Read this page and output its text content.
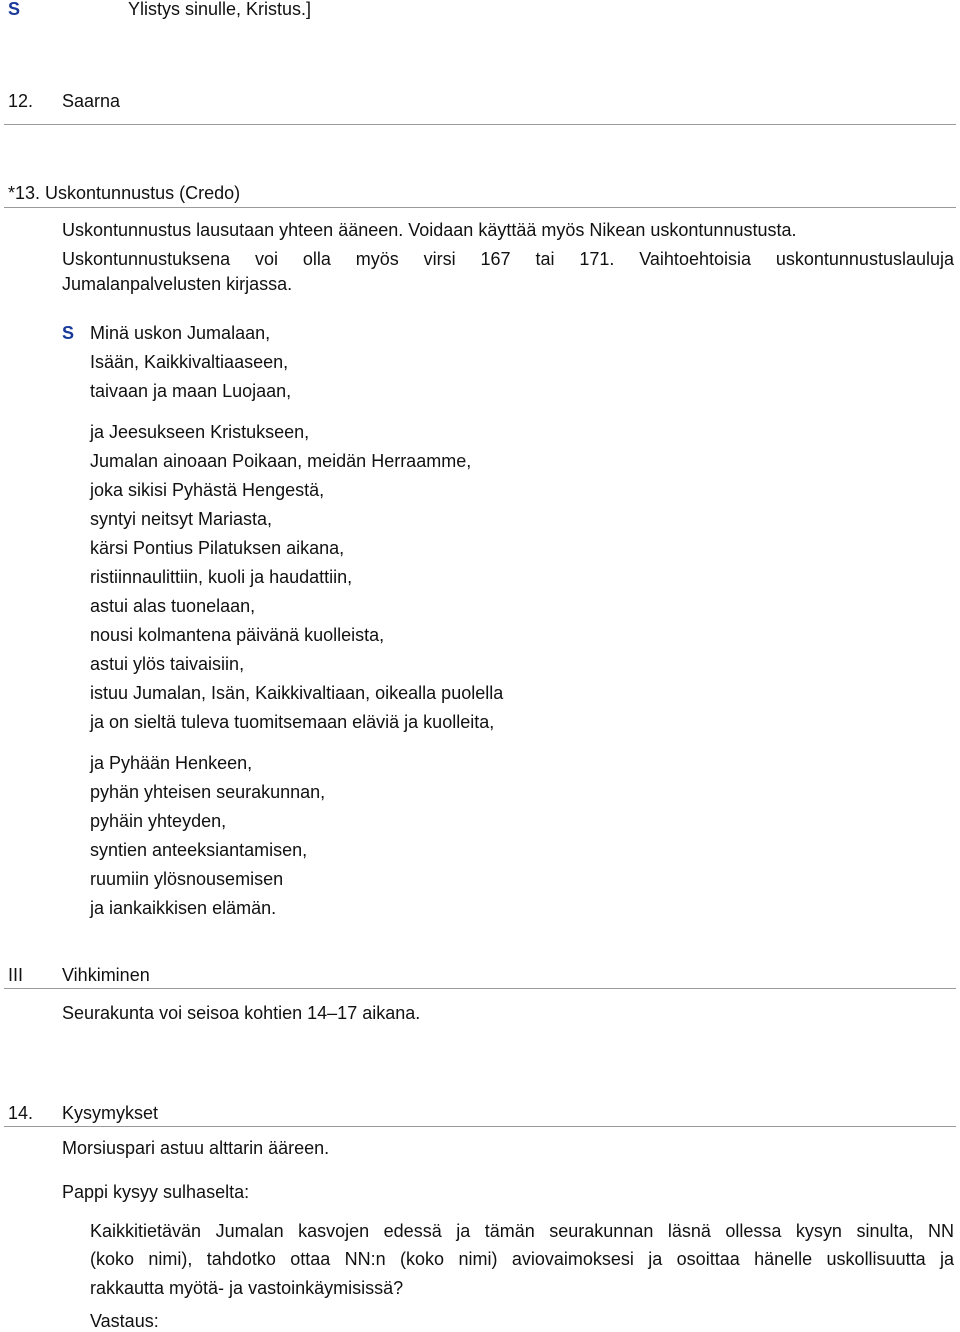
S	Ylistys sinulle, Kristus.]
12. Saarna
*13. Uskontunnustus (Credo)
Uskontunnustus lausutaan yhteen ääneen. Voidaan käyttää myös Nikean uskontunnustusta.
Uskontunnustuksena voi olla myös virsi 167 tai 171. Vaihtoehtoisia uskontunnustuslauluja
Jumalanpalvelusten kirjassa.
S Minä uskon Jumalaan,
Isään, Kaikkivaltiaaseen,
taivaan ja maan Luojaan,
ja Jeesukseen Kristukseen,
Jumalan ainoaan Poikaan, meidän Herraamme,
joka sikisi Pyhästä Hengestä,
syntyi neitsyt Mariasta,
kärsi Pontius Pilatuksen aikana,
ristiinnaulittiin, kuoli ja haudattiin,
astui alas tuonelaan,
nousi kolmantena päivänä kuolleista,
astui ylös taivaisiin,
istuu Jumalan, Isän, Kaikkivaltiaan, oikealla puolella
ja on sieltä tuleva tuomitsemaan eläviä ja kuolleita,
ja Pyhään Henkeen,
pyhän yhteisen seurakunnan,
pyhäin yhteyden,
syntien anteeksiantamisen,
ruumiin ylösnousemisen
ja iankaikkisen elämän.
III Vihkiminen
Seurakunta voi seisoa kohtien 14–17 aikana.
14. Kysymykset
Morsiuspari astuu alttarin ääreen.
Pappi kysyy sulhaselta:
Kaikkitietävän Jumalan kasvojen edessä ja tämän seurakunnan läsnä ollessa kysyn sinulta, NN
(koko nimi), tahdotko ottaa NN:n (koko nimi) aviovaimoksesi ja osoittaa hänelle uskollisuutta ja
rakkautta myötä- ja vastoinkäymisissä?
Vastaus:
